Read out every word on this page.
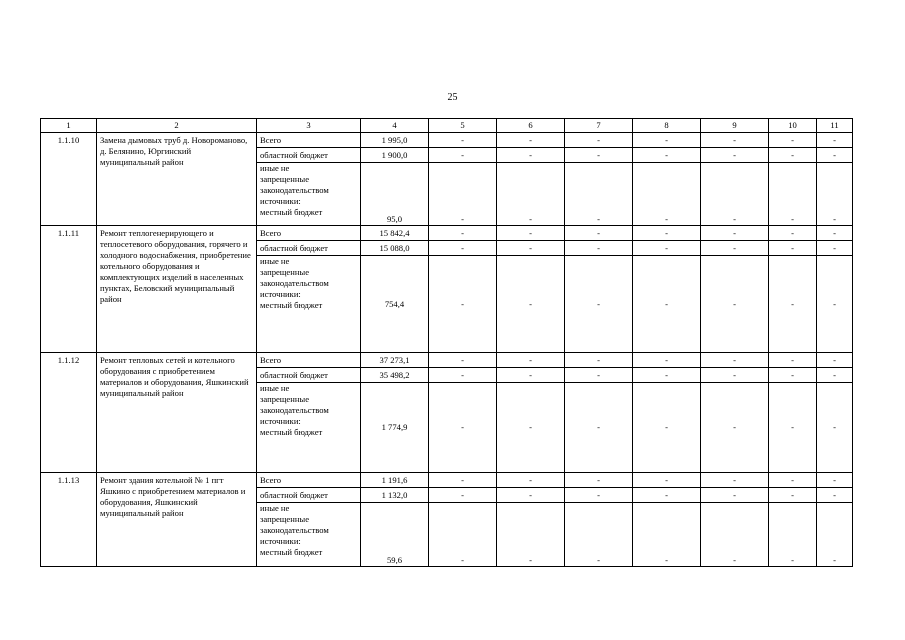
25
1	2	3	4	5	6	7	8	9	10	11
1.1.10	Замена дымовых труб д. Новороманово, д. Белянино, Юргинский муниципальный район	Всего	1 995,0	-	-	-	-	-	-	-
		областной бюджет	1 900,0	-	-	-	-	-	-	-

		иные не
запрещенные
законодательством
источники:
местный бюджет	95,0	-	-	-	-	-	-	-
1.1.11	Ремонт теплогенерирующего и теплосетевого оборудования, горячего и холодного водоснабжения, приобретение котельного оборудования и комплектующих изделий в населенных пунктах, Беловский муниципальный район	Всего	15 842,4	-	-	-	-	-	-	-
		областной бюджет	15 088,0	-	-	-	-	-	-	-

		иные не
запрещенные
законодательством
источники:
местный бюджет	754,4	-	-	-	-	-	-	-
1.1.12	Ремонт тепловых сетей и котельного оборудования с приобретением материалов и оборудования, Яшкинский муниципальный район	Всего	37 273,1	-	-	-	-	-	-	-
		областной бюджет	35 498,2	-	-	-	-	-	-	-

		иные не
запрещенные
законодательством
источники:
местный бюджет	1 774,9	-	-	-	-	-	-	-
1.1.13	Ремонт здания котельной № 1 пгт Яшкино с приобретением материалов и оборудования, Яшкинский муниципальный район	Всего	1 191,6	-	-	-	-	-	-	-
		областной бюджет	1 132,0	-	-	-	-	-	-	-

		иные не
запрещенные
законодательством
источники:
местный бюджет	59,6	-	-	-	-	-	-	-
